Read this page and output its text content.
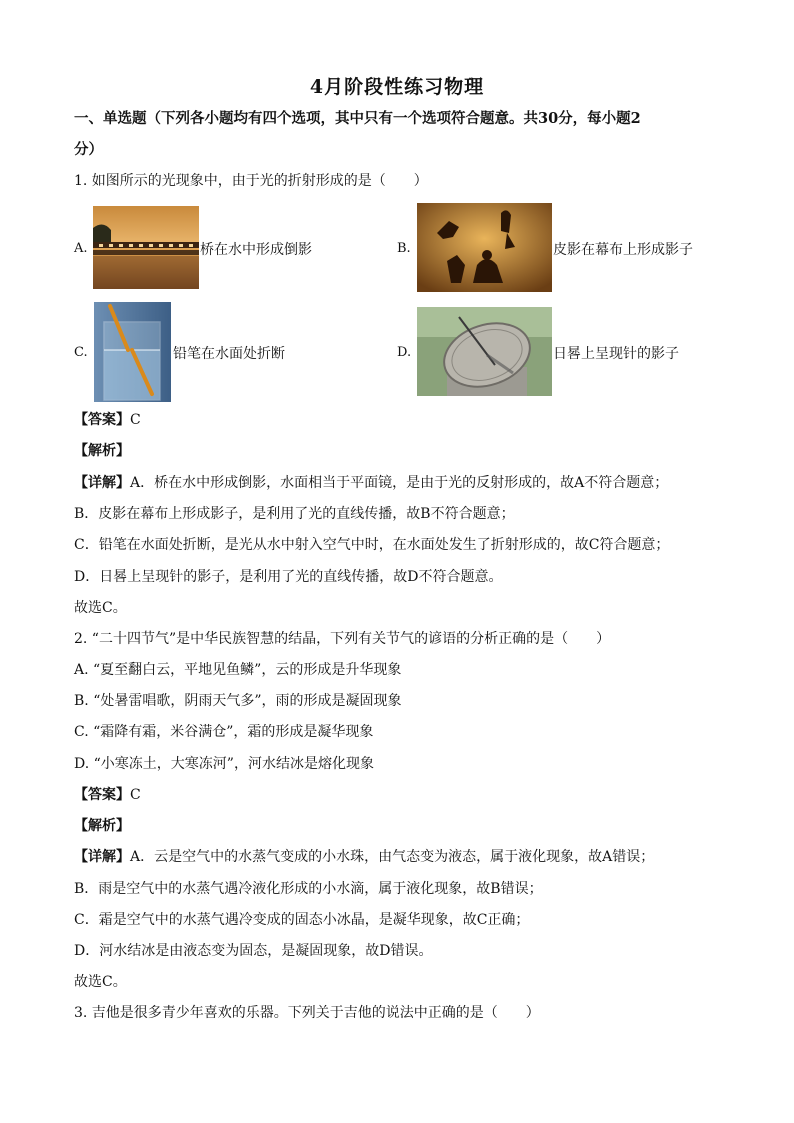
4月阶段性练习物理
一、单选题（下列各小题均有四个选项，其中只有一个选项符合题意。共30分，每小题2
分）
1. 如图所示的光现象中，由于光的折射形成的是（　　）
A.	桥在水中形成倒影	B.	皮影在幕布上形成影子
C.	铅笔在水面处折断	D.	日晷上呈现针的影子
【答案】C
【解析】
【详解】A．桥在水中形成倒影，水面相当于平面镜，是由于光的反射形成的，故A不符合题意；
B．皮影在幕布上形成影子，是利用了光的直线传播，故B不符合题意；
C．铅笔在水面处折断，是光从水中射入空气中时，在水面处发生了折射形成的，故C符合题意；
D．日晷上呈现针的影子，是利用了光的直线传播，故D不符合题意。
故选C。
2. “二十四节气”是中华民族智慧的结晶，下列有关节气的谚语的分析正确的是（　　）
A. “夏至翻白云，平地见鱼鳞”，云的形成是升华现象
B. “处暑雷唱歌，阴雨天气多”，雨的形成是凝固现象
C. “霜降有霜，米谷满仓”，霜的形成是凝华现象
D. “小寒冻土，大寒冻河”，河水结冰是熔化现象
【答案】C
【解析】
【详解】A．云是空气中的水蒸气变成的小水珠，由气态变为液态，属于液化现象，故A错误；
B．雨是空气中的水蒸气遇冷液化形成的小水滴，属于液化现象，故B错误；
C．霜是空气中的水蒸气遇冷变成的固态小冰晶，是凝华现象，故C正确；
D．河水结冰是由液态变为固态，是凝固现象，故D错误。
故选C。
3. 吉他是很多青少年喜欢的乐器。下列关于吉他的说法中正确的是（　　）
